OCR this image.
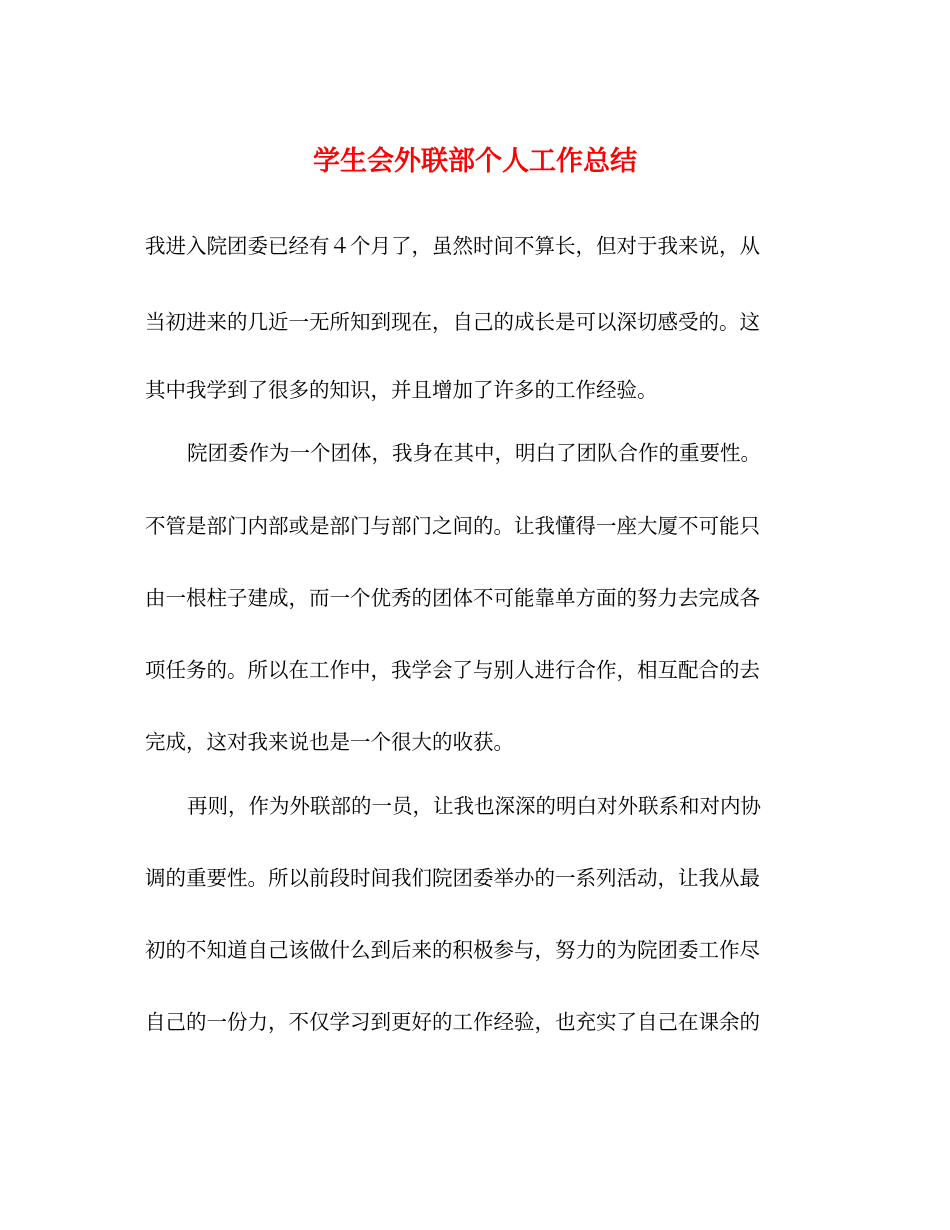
学生会外联部个人工作总结
我进入院团委已经有４个月了，虽然时间不算长，但对于我来说，从
当初进来的几近一无所知到现在，自己的成长是可以深切感受的。这
其中我学到了很多的知识，并且增加了许多的工作经验。
院团委作为一个团体，我身在其中，明白了团队合作的重要性。
不管是部门内部或是部门与部门之间的。让我懂得一座大厦不可能只
由一根柱子建成，而一个优秀的团体不可能靠单方面的努力去完成各
项任务的。所以在工作中，我学会了与别人进行合作，相互配合的去
完成，这对我来说也是一个很大的收获。
再则，作为外联部的一员，让我也深深的明白对外联系和对内协
调的重要性。所以前段时间我们院团委举办的一系列活动，让我从最
初的不知道自己该做什么到后来的积极参与，努力的为院团委工作尽
自己的一份力，不仅学习到更好的工作经验，也充实了自己在课余的
